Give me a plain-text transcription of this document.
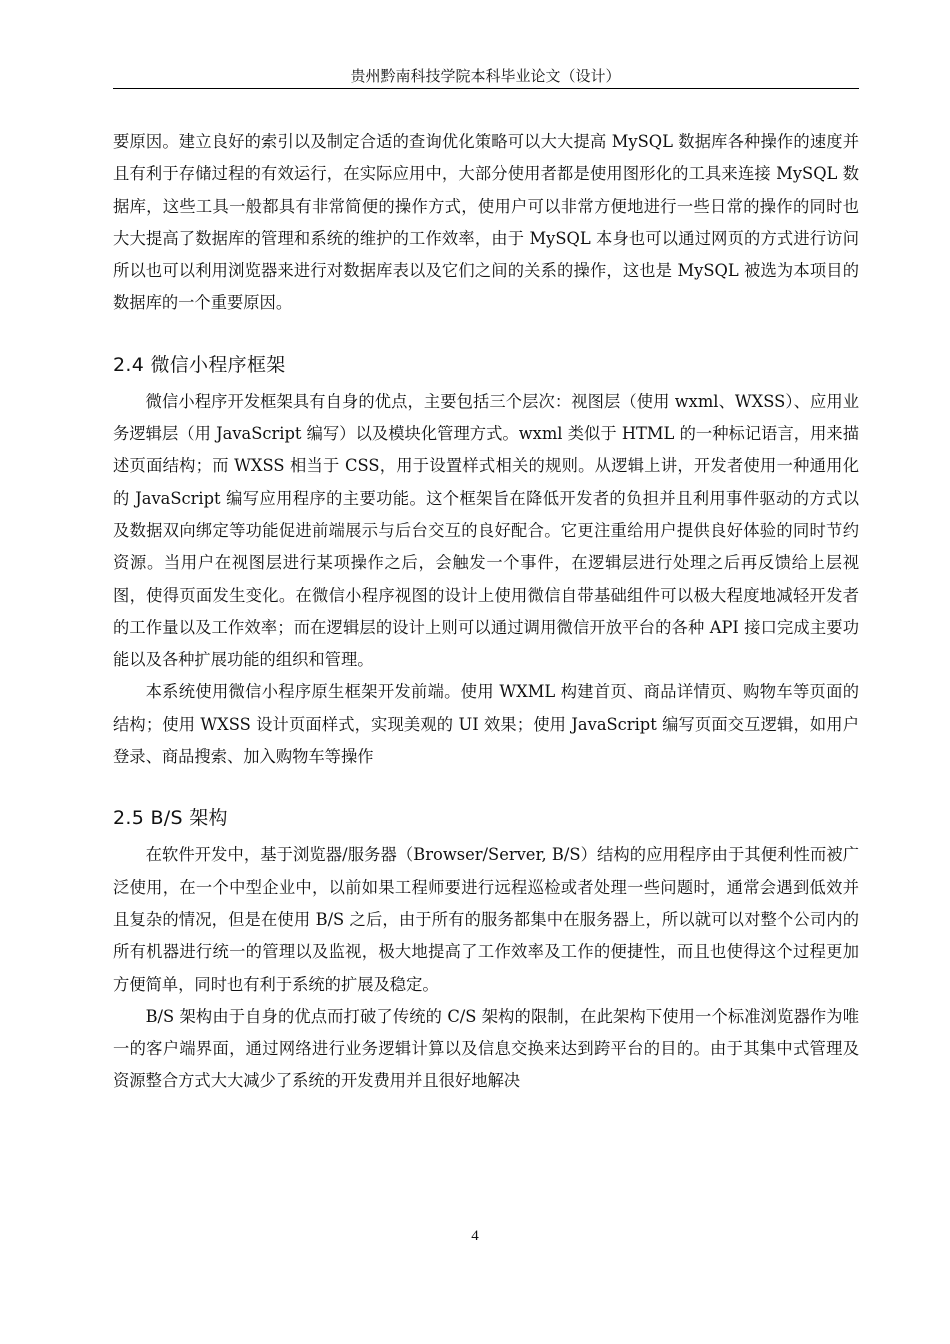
贵州黔南科技学院本科毕业论文（设计）

要原因。建立良好的索引以及制定合适的查询优化策略可以大大提高 MySQL 数据库各种操作的速度并且有利于存储过程的有效运行，在实际应用中，大部分使用者都是使用图形化的工具来连接 MySQL 数据库，这些工具一般都具有非常简便的操作方式，使用户可以非常方便地进行一些日常的操作的同时也大大提高了数据库的管理和系统的维护的工作效率，由于 MySQL 本身也可以通过网页的方式进行访问所以也可以利用浏览器来进行对数据库表以及它们之间的关系的操作，这也是 MySQL 被选为本项目的数据库的一个重要原因。

2.4 微信小程序框架

微信小程序开发框架具有自身的优点，主要包括三个层次：视图层（使用 wxml、WXSS）、应用业务逻辑层（用 JavaScript 编写）以及模块化管理方式。wxml 类似于 HTML 的一种标记语言，用来描述页面结构；而 WXSS 相当于 CSS，用于设置样式相关的规则。从逻辑上讲，开发者使用一种通用化的 JavaScript 编写应用程序的主要功能。这个框架旨在降低开发者的负担并且利用事件驱动的方式以及数据双向绑定等功能促进前端展示与后台交互的良好配合。它更注重给用户提供良好体验的同时节约资源。当用户在视图层进行某项操作之后，会触发一个事件，在逻辑层进行处理之后再反馈给上层视图，使得页面发生变化。在微信小程序视图的设计上使用微信自带基础组件可以极大程度地减轻开发者的工作量以及工作效率；而在逻辑层的设计上则可以通过调用微信开放平台的各种 API 接口完成主要功能以及各种扩展功能的组织和管理。

本系统使用微信小程序原生框架开发前端。使用 WXML 构建首页、商品详情页、购物车等页面的结构；使用 WXSS 设计页面样式，实现美观的 UI 效果；使用 JavaScript 编写页面交互逻辑，如用户登录、商品搜索、加入购物车等操作

2.5 B/S 架构

在软件开发中，基于浏览器/服务器（Browser/Server, B/S）结构的应用程序由于其便利性而被广泛使用，在一个中型企业中，以前如果工程师要进行远程巡检或者处理一些问题时，通常会遇到低效并且复杂的情况，但是在使用 B/S 之后，由于所有的服务都集中在服务器上，所以就可以对整个公司内的所有机器进行统一的管理以及监视，极大地提高了工作效率及工作的便捷性，而且也使得这个过程更加方便简单，同时也有利于系统的扩展及稳定。

B/S 架构由于自身的优点而打破了传统的 C/S 架构的限制，在此架构下使用一个标准浏览器作为唯一的客户端界面，通过网络进行业务逻辑计算以及信息交换来达到跨平台的目的。由于其集中式管理及资源整合方式大大减少了系统的开发费用并且很好地解决

4
